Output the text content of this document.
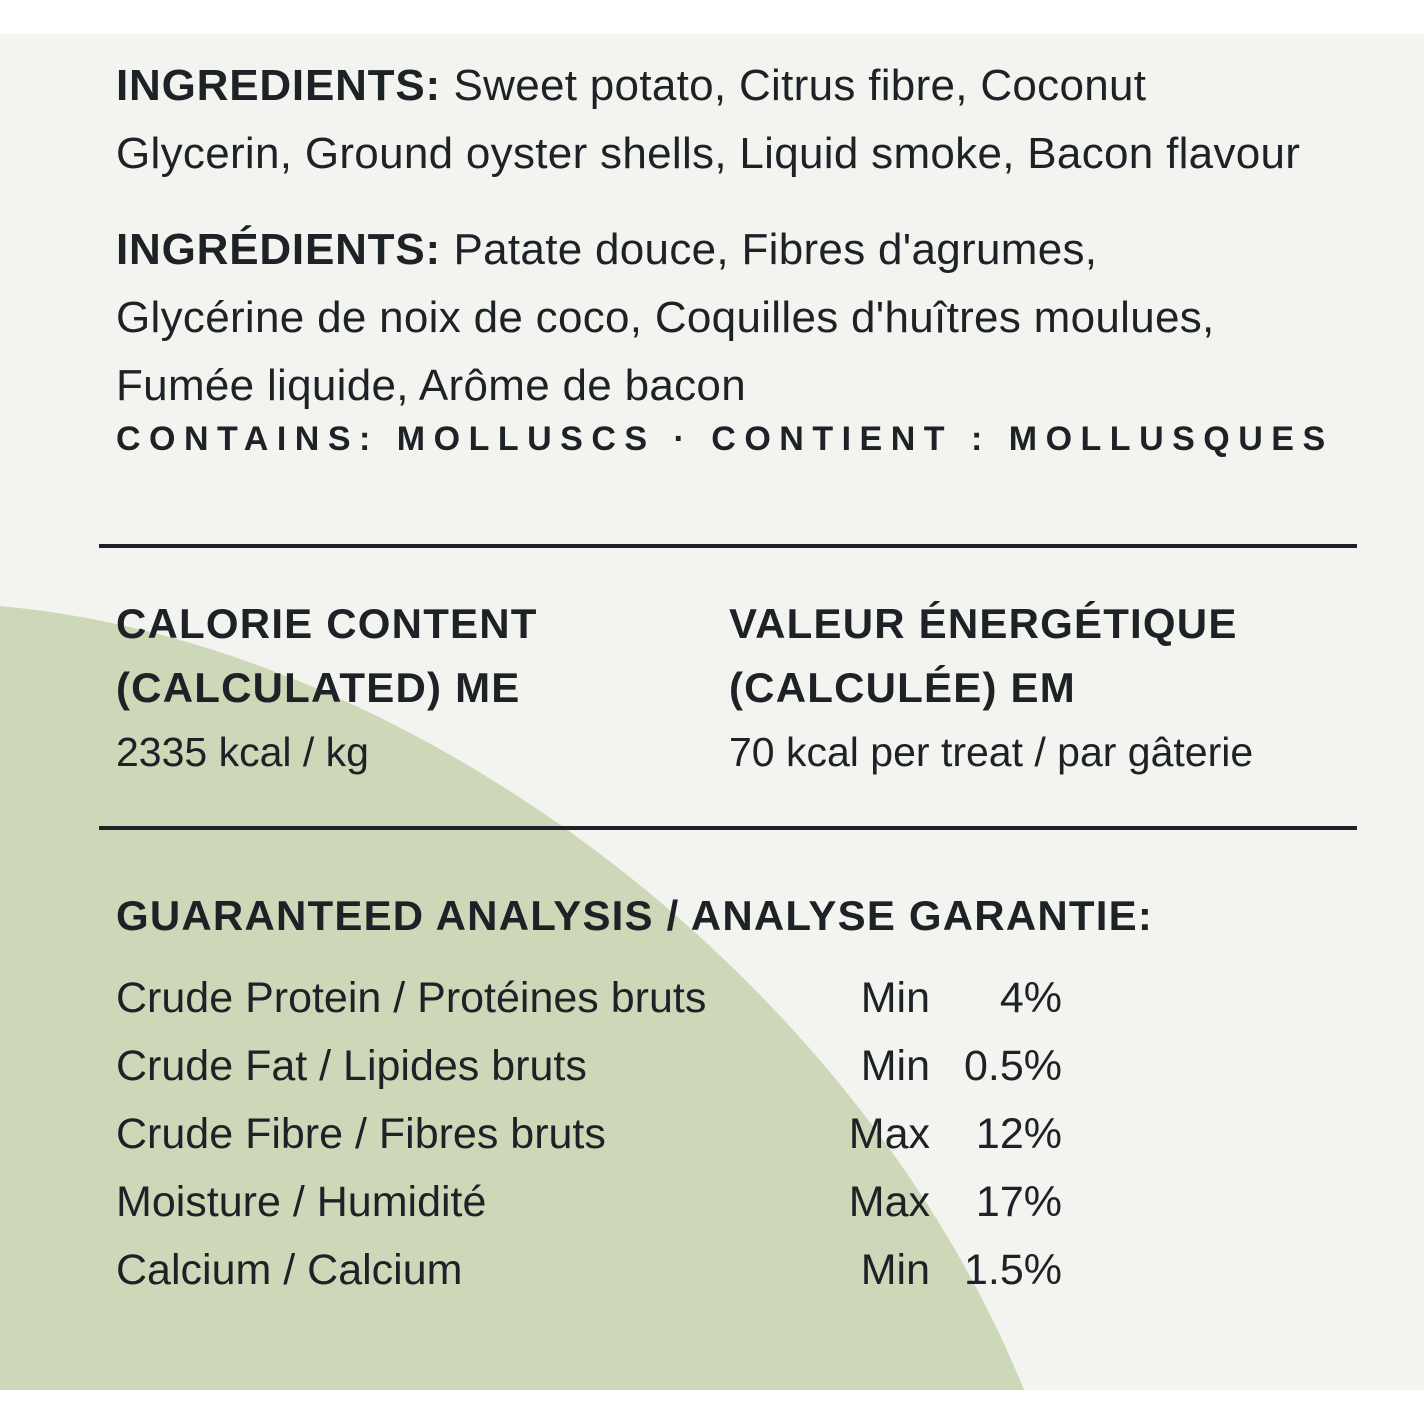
INGREDIENTS: Sweet potato, Citrus fibre, Coconut
Glycerin, Ground oyster shells, Liquid smoke, Bacon flavour
INGRÉDIENTS: Patate douce, Fibres d'agrumes,
Glycérine de noix de coco, Coquilles d'huîtres moulues,
Fumée liquide, Arôme de bacon
CONTAINS: MOLLUSCS · CONTIENT : MOLLUSQUES
CALORIE CONTENT
(CALCULATED) ME
2335 kcal / kg
VALEUR ÉNERGÉTIQUE
(CALCULÉE) EM
70 kcal per treat / par gâterie
GUARANTEED ANALYSIS / ANALYSE GARANTIE:
Crude Protein / Protéines bruts	Min 4%
Crude Fat / Lipides bruts	Min 0.5%
Crude Fibre / Fibres bruts	Max 12%
Moisture / Humidité	Max 17%
Calcium / Calcium	Min 1.5%
